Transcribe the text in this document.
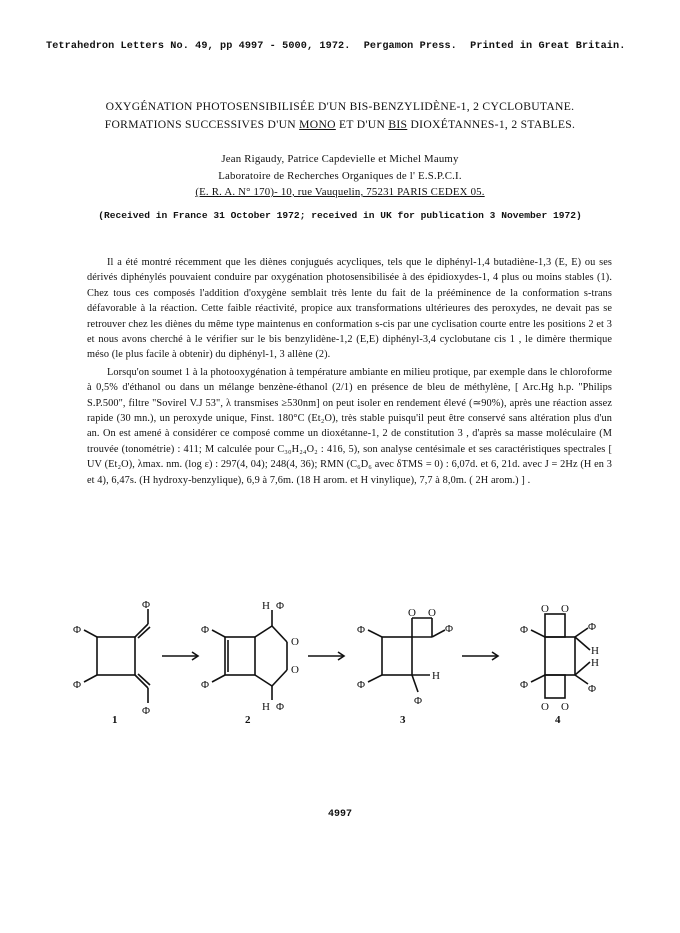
Tetrahedron Letters No. 49, pp 4997 - 5000, 1972. Pergamon Press. Printed in Great Britain.
OXYGÉNATION PHOTOSENSIBILISÉE D'UN BIS-BENZYLIDÈNE-1, 2 CYCLOBUTANE.
FORMATIONS SUCCESSIVES D'UN MONO ET D'UN BIS DIOXÉTANNES-1, 2 STABLES.
Jean Rigaudy, Patrice Capdevielle et Michel Maumy
Laboratoire de Recherches Organiques de l' E.S.P.C.I.
(E. R. A. N° 170)- 10, rue Vauquelin, 75231 PARIS CEDEX 05.
(Received in France 31 October 1972; received in UK for publication 3 November 1972)

Il a été montré récemment que les diènes conjugués acycliques, tels que le diphényl-1,4 butadiène-1,3 (E, E) ou ses dérivés diphénylés pouvaient conduire par oxygénation photosensibilisée à des épidioxydes-1, 4 plus ou moins stables (1). Chez tous ces composés l'addition d'oxygène semblait très lente du fait de la prééminence de la conformation s-trans défavorable à la réaction. Cette faible réactivité, propice aux transformations ultérieures des peroxydes, ne devait pas se retrouver chez les diènes du même type maintenus en conformation s-cis par une cyclisation courte entre les positions 2 et 3 et nous avons cherché à le vérifier sur le bis benzylidène-1,2 (E,E) diphényl-3,4 cyclobutane cis 1 , le dimère thermique méso (le plus facile à obtenir) du diphényl-1, 3 allène (2).

Lorsqu'on soumet 1 à la photooxygénation à température ambiante en milieu protique, par exemple dans le chloroforme à 0,5% d'éthanol ou dans un mélange benzène-éthanol (2/1) en présence de bleu de méthylène, [ Arc.Hg h.p. "Philips S.P.500", filtre "Sovirel V.J 53", λ transmises ≥530nm] on peut isoler en rendement élevé (≃90%), après une réaction assez rapide (30 mn.), un peroxyde unique, Finst. 180°C (Et₂O), très stable puisqu'il peut être conservé sans altération plus d'un an. On est amené à considérer ce composé comme un dioxétanne-1, 2 de constitution 3 , d'après sa masse moléculaire (M trouvée (tonométrie) : 411; M calculée pour C₃₀H₂₄O₂ : 416, 5), son analyse centésimale et ses caractéristiques spectrales [ UV (Et₂O), λmax. nm. (log ε) : 297(4, 04); 248(4, 36); RMN (C₆D₆ avec δTMS = 0) : 6,07d. et 6, 21d. avec J = 2Hz (H en 3 et 4), 6,47s. (H hydroxy-benzylique), 6,9 à 7,6m. (18 H arom. et H vinylique), 7,7 à 8,0m. ( 2H arom.) ] .

Φ
Φ
Φ
Φ
H Φ
O
O
H Φ
Φ
Φ
O O
Φ
H
Φ
Φ
Φ
O O
O O
Φ
H
H
Φ
Φ
Φ
1	2	3	4
4997
